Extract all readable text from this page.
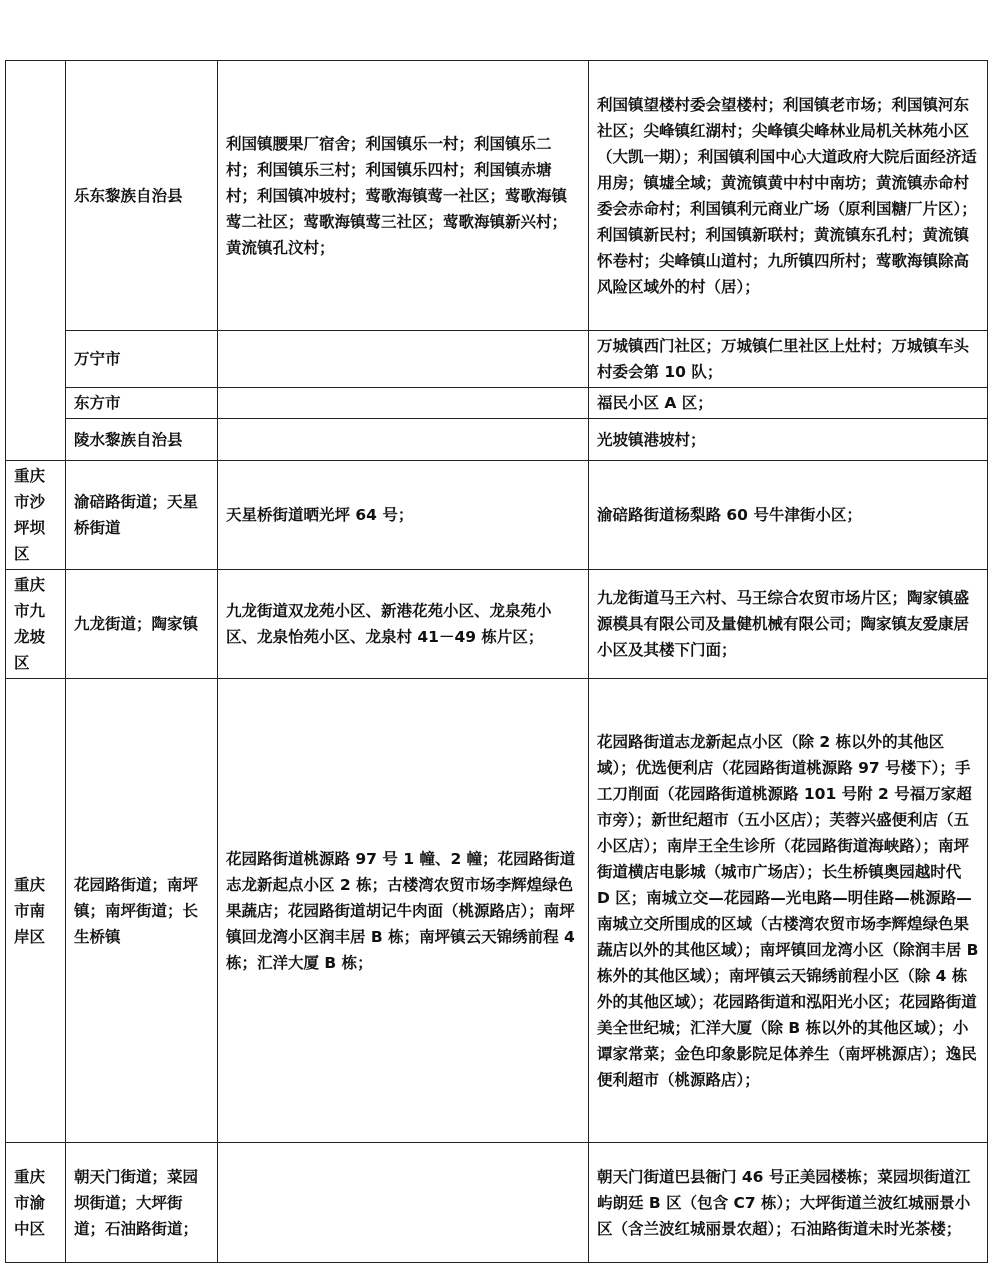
	乐东黎族自治县	利国镇腰果厂宿舍；利国镇乐一村；利国镇乐二村；利国镇乐三村；利国镇乐四村；利国镇赤塘村；利国镇冲坡村；莺歌海镇莺一社区；莺歌海镇莺二社区；莺歌海镇莺三社区；莺歌海镇新兴村；黄流镇孔汶村；	利国镇望楼村委会望楼村；利国镇老市场；利国镇河东社区；尖峰镇红湖村；尖峰镇尖峰林业局机关林苑小区（大凯一期）；利国镇利国中心大道政府大院后面经济适用房；镇墟全域；黄流镇黄中村中南坊；黄流镇赤命村委会赤命村；利国镇利元商业广场（原利国糖厂片区）；利国镇新民村；利国镇新联村；黄流镇东孔村；黄流镇怀卷村；尖峰镇山道村；九所镇四所村；莺歌海镇除高风险区域外的村（居）；
	万宁市		万城镇西门社区；万城镇仁里社区上灶村；万城镇车头村委会第 10 队；
	东方市		福民小区 A 区；
	陵水黎族自治县		光坡镇港坡村；
重庆市沙坪坝区	渝碚路街道；天星桥街道	天星桥街道晒光坪 64 号；	渝碚路街道杨梨路 60 号牛津街小区；
重庆市九龙坡区	九龙街道；陶家镇	九龙街道双龙苑小区、新港花苑小区、龙泉苑小区、龙泉怡苑小区、龙泉村 41－49 栋片区；	九龙街道马王六村、马王综合农贸市场片区；陶家镇盛源模具有限公司及量健机械有限公司；陶家镇友爱康居小区及其楼下门面；
重庆市南岸区	花园路街道；南坪镇；南坪街道；长生桥镇	花园路街道桃源路 97 号 1 幢、2 幢；花园路街道志龙新起点小区 2 栋；古楼湾农贸市场李辉煌绿色果蔬店；花园路街道胡记牛肉面（桃源路店）；南坪镇回龙湾小区润丰居 B 栋；南坪镇云天锦绣前程 4 栋；汇洋大厦 B 栋；	花园路街道志龙新起点小区（除 2 栋以外的其他区域）；优选便利店（花园路街道桃源路 97 号楼下）；手工刀削面（花园路街道桃源路 101 号附 2 号福万家超市旁）；新世纪超市（五小区店）；芙蓉兴盛便利店（五小区店）；南岸王全生诊所（花园路街道海峡路）；南坪街道横店电影城（城市广场店）；长生桥镇奥园越时代 D 区；南城立交—花园路—光电路—明佳路—桃源路—南城立交所围成的区域（古楼湾农贸市场李辉煌绿色果蔬店以外的其他区域）；南坪镇回龙湾小区（除润丰居 B 栋外的其他区域）；南坪镇云天锦绣前程小区（除 4 栋外的其他区域）；花园路街道和泓阳光小区；花园路街道美全世纪城；汇洋大厦（除 B 栋以外的其他区域）；小谭家常菜；金色印象影院足体养生（南坪桃源店）；逸民便利超市（桃源路店）；
重庆市渝中区	朝天门街道；菜园坝街道；大坪街道；石油路街道；		朝天门街道巴县衙门 46 号正美园楼栋；菜园坝街道江屿朗廷 B 区（包含 C7 栋）；大坪街道兰波红城丽景小区（含兰波红城丽景农超）；石油路街道未时光茶楼；
